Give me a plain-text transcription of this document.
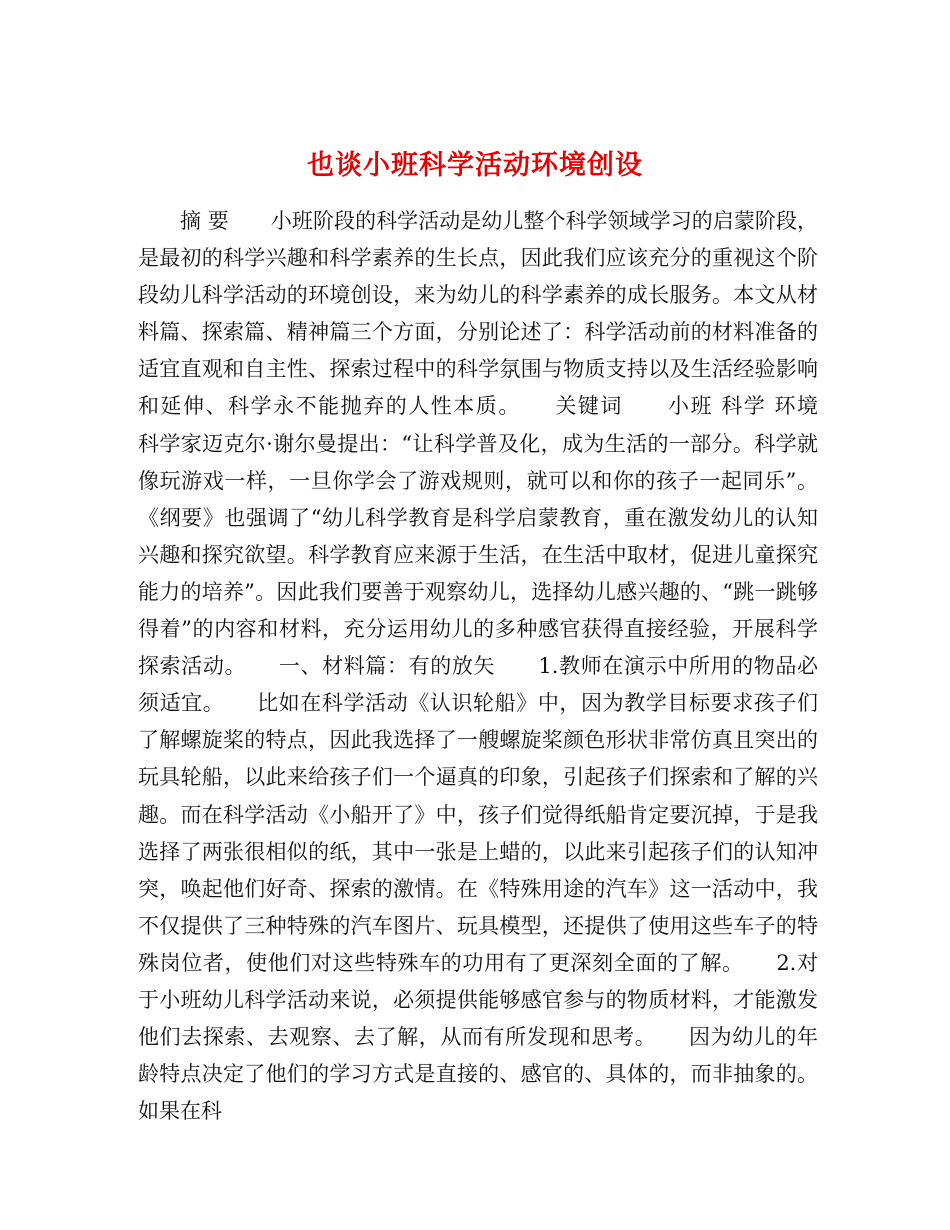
也谈小班科学活动环境创设

摘 要　　小班阶段的科学活动是幼儿整个科学领域学习的启蒙阶段，是最初的科学兴趣和科学素养的生长点，因此我们应该充分的重视这个阶段幼儿科学活动的环境创设，来为幼儿的科学素养的成长服务。本文从材料篇、探索篇、精神篇三个方面，分别论述了：科学活动前的材料准备的适宜直观和自主性、探索过程中的科学氛围与物质支持以及生活经验影响和延伸、科学永不能抛弃的人性本质。　　关键词　　小班 科学 环境　　科学家迈克尔·谢尔曼提出：“让科学普及化，成为生活的一部分。科学就像玩游戏一样，一旦你学会了游戏规则，就可以和你的孩子一起同乐”。《纲要》也强调了“幼儿科学教育是科学启蒙教育，重在激发幼儿的认知兴趣和探究欲望。科学教育应来源于生活，在生活中取材，促进儿童探究能力的培养”。因此我们要善于观察幼儿，选择幼儿感兴趣的、“跳一跳够得着”的内容和材料，充分运用幼儿的多种感官获得直接经验，开展科学探索活动。　　一、材料篇：有的放矢　　1.教师在演示中所用的物品必须适宜。　　比如在科学活动《认识轮船》中，因为教学目标要求孩子们了解螺旋桨的特点，因此我选择了一艘螺旋桨颜色形状非常仿真且突出的玩具轮船，以此来给孩子们一个逼真的印象，引起孩子们探索和了解的兴趣。而在科学活动《小船开了》中，孩子们觉得纸船肯定要沉掉，于是我选择了两张很相似的纸，其中一张是上蜡的，以此来引起孩子们的认知冲突，唤起他们好奇、探索的激情。在《特殊用途的汽车》这一活动中，我不仅提供了三种特殊的汽车图片、玩具模型，还提供了使用这些车子的特殊岗位者，使他们对这些特殊车的功用有了更深刻全面的了解。　　2.对于小班幼儿科学活动来说，必须提供能够感官参与的物质材料，才能激发他们去探索、去观察、去了解，从而有所发现和思考。　　因为幼儿的年龄特点决定了他们的学习方式是直接的、感官的、具体的，而非抽象的。如果在科
